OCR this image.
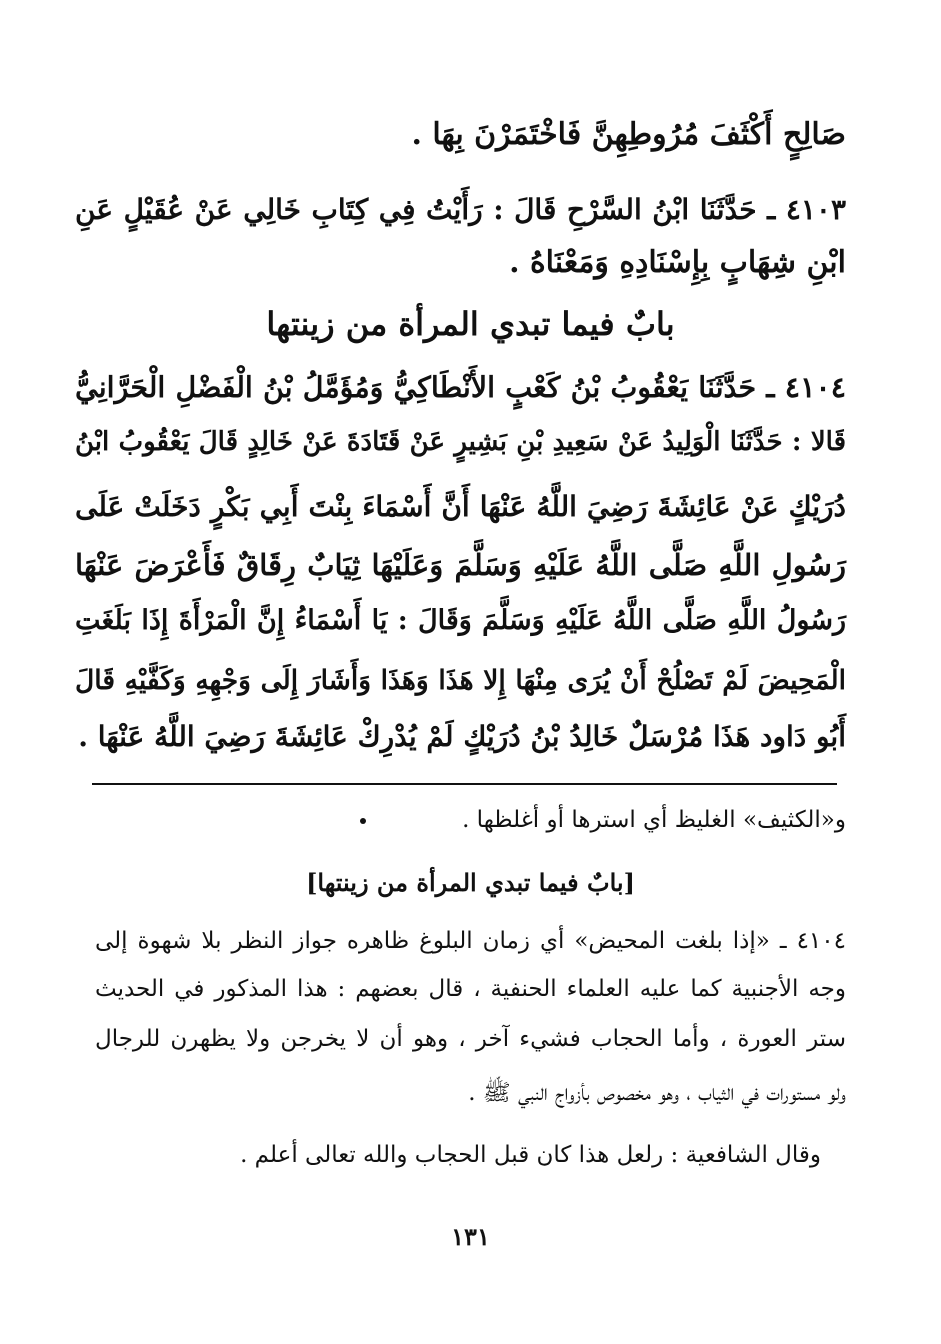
صَالِحٍ أَكْثَفَ مُرُوطِهِنَّ فَاخْتَمَرْنَ بِهَا .
٤١٠٣ ـ حَدَّثَنَا ابْنُ السَّرْحِ قَالَ : رَأَيْتُ فِي كِتَابِ خَالِي عَنْ عُقَيْلٍ عَنِ
ابْنِ شِهَابٍ بِإِسْنَادِهِ وَمَعْنَاهُ .
بابٌ فيما تبدي المرأة من زينتها
٤١٠٤ ـ حَدَّثَنَا يَعْقُوبُ بْنُ كَعْبٍ الأَنْطَاكِيُّ وَمُؤَمَّلُ بْنُ الْفَضْلِ الْحَرَّانِيُّ
قَالا : حَدَّثَنَا الْوَلِيدُ عَنْ سَعِيدِ بْنِ بَشِيرٍ عَنْ قَتَادَةَ عَنْ خَالِدٍ قَالَ يَعْقُوبُ ابْنُ
دُرَيْكٍ عَنْ عَائِشَةَ رَضِيَ اللَّهُ عَنْهَا أَنَّ أَسْمَاءَ بِنْتَ أَبِي بَكْرٍ دَخَلَتْ عَلَى
رَسُولِ اللَّهِ صَلَّى اللَّهُ عَلَيْهِ وَسَلَّمَ وَعَلَيْهَا ثِيَابٌ رِقَاقٌ فَأَعْرَضَ عَنْهَا
رَسُولُ اللَّهِ صَلَّى اللَّهُ عَلَيْهِ وَسَلَّمَ وَقَالَ : يَا أَسْمَاءُ إِنَّ الْمَرْأَةَ إِذَا بَلَغَتِ
الْمَحِيضَ لَمْ تَصْلُحْ أَنْ يُرَى مِنْهَا إِلا هَذَا وَهَذَا وَأَشَارَ إِلَى وَجْهِهِ وَكَفَّيْهِ قَالَ
أَبُو دَاود هَذَا مُرْسَلٌ خَالِدُ بْنُ دُرَيْكٍ لَمْ يُدْرِكْ عَائِشَةَ رَضِيَ اللَّهُ عَنْهَا .
و«الكثيف» الغليظ أي استرها أو أغلظها .
[بابٌ فيما تبدي المرأة من زينتها]
٤١٠٤ ـ «إذا بلغت المحيض» أي زمان البلوغ ظاهره جواز النظر بلا شهوة إلى
وجه الأجنبية كما عليه العلماء الحنفية ، قال بعضهم : هذا المذكور في الحديث
ستر العورة ، وأما الحجاب فشيء آخر ، وهو أن لا يخرجن ولا يظهرن للرجال
ولو مستورات في الثياب ، وهو مخصوص بأزواج النبي ﷺ .
وقال الشافعية : رلعل هذا كان قبل الحجاب والله تعالى أعلم .
١٣١
